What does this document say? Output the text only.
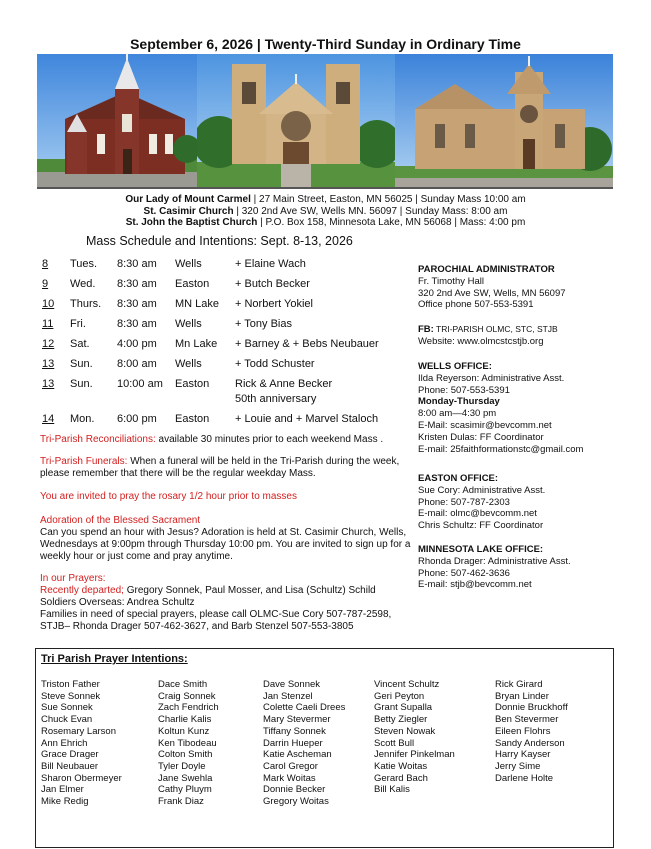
September 6, 2026 | Twenty-Third Sunday in Ordinary Time
Our Lady of Mount Carmel | 27 Main Street, Easton, MN 56025 | Sunday Mass 10:00 am
St. Casimir Church | 320 2nd Ave SW, Wells MN. 56097 | Sunday Mass: 8:00 am
St. John the Baptist Church | P.O. Box 158, Minnesota Lake, MN 56068 | Mass: 4:00 pm
Mass Schedule and Intentions: Sept. 8-13, 2026
8 Tues. 8:30 am Wells	+ Elaine Wach
9 Wed. 8:30 am Easton + Butch Becker
10 Thurs. 8:30 am MN Lake + Norbert Yokiel
11 Fri.	8:30 am Wells	+ Tony Bias
12 Sat. 4:00 pm Mn Lake + Barney & + Bebs Neubauer
13 Sun. 8:00 am Wells	+ Todd Schuster
13 Sun. 10:00 am Easton Rick & Anne Becker
50th anniversary
14 Mon. 6:00 pm Easton + Louie and + Marvel Staloch
Tri-Parish Reconciliations: available 30 minutes prior to each weekend Mass .
Tri-Parish Funerals: When a funeral will be held in the Tri-Parish during the week, please remember that there will be the regular weekday Mass.
You are invited to pray the rosary 1/2 hour prior to masses
Adoration of the Blessed Sacrament
Can you spend an hour with Jesus? Adoration is held at St. Casimir Church, Wells, Wednesdays at 9:00pm through Thursday 10:00 pm. You are invited to sign up for a weekly hour or just come and pray anytime.
In our Prayers:
Recently departed; Gregory Sonnek, Paul Mosser, and Lisa (Schultz) Schild
Soldiers Overseas: Andrea Schultz
Families in need of special prayers, please call OLMC-Sue Cory 507-787-2598, STJB– Rhonda Drager 507-462-3627, and Barb Stenzel 507-553-3805
PAROCHIAL ADMINISTRATOR
Fr. Timothy Hall
320 2nd Ave SW, Wells, MN 56097
Office phone 507-553-5391
FB: TRI-PARISH OLMC, STC, STJB
Website: www.olmcstcstjb.org
WELLS OFFICE:
Ilda Reyerson: Administrative Asst.
Phone: 507-553-5391
Monday-Thursday
8:00 am—4:30 pm
E-Mail: scasimir@bevcomm.net
Kristen Dulas: FF Coordinator
E-mail: 25faithformationstc@gmail.com
EASTON OFFICE:
Sue Cory: Administrative Asst.
Phone: 507-787-2303
E-mail: olmc@bevcomm.net
Chris Schultz: FF Coordinator
MINNESOTA LAKE OFFICE:
Rhonda Drager: Administrative Asst.
Phone: 507-462-3636
E-mail: stjb@bevcomm.net
Tri Parish Prayer Intentions:
Triston Father
Steve Sonnek
Sue Sonnek
Chuck Evan
Rosemary Larson
Ann Ehrich
Grace Drager
Bill Neubauer
Sharon Obermeyer
Jan Elmer
Mike Redig
Dace Smith
Craig Sonnek
Zach Fendrich
Charlie Kalis
Koltun Kunz
Ken Tibodeau
Colton Smith
Tyler Doyle
Jane Swehla
Cathy Pluym
Frank Diaz
Dave Sonnek
Jan Stenzel
Colette Caeli Drees
Mary Stevermer
Tiffany Sonnek
Darrin Hueper
Katie Ascheman
Carol Gregor
Mark Woitas
Donnie Becker
Gregory Woitas
Vincent Schultz
Geri Peyton
Grant Supalla
Betty Ziegler
Steven Nowak
Scott Bull
Jennifer Pinkelman
Katie Woitas
Gerard Bach
Bill Kalis
Rick Girard
Bryan Linder
Donnie Bruckhoff
Ben Stevermer
Eileen Flohrs
Sandy Anderson
Harry Kayser
Jerry Sime
Darlene Holte
